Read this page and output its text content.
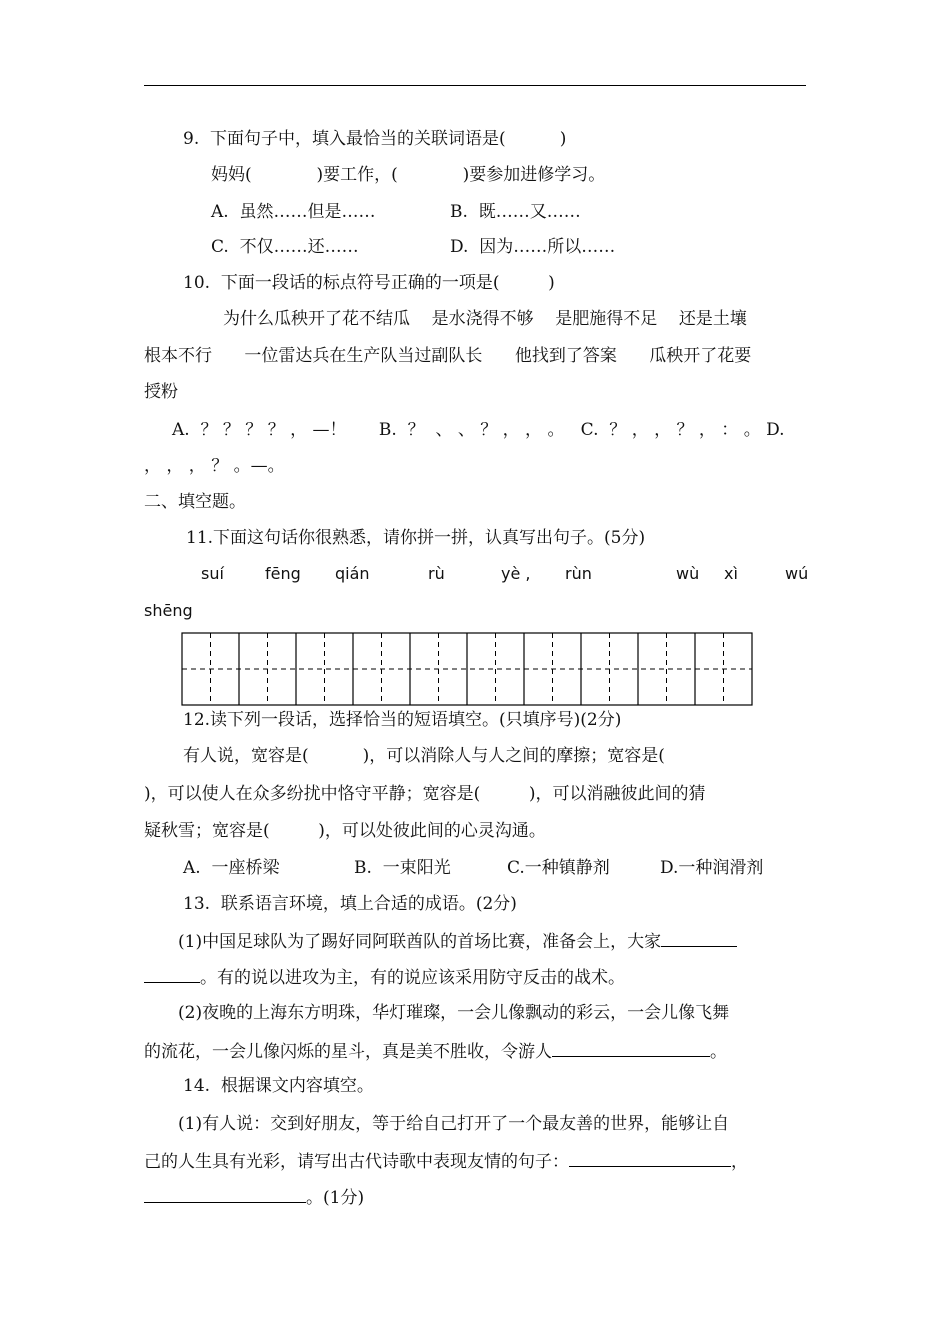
9.  下面句子中，填入最恰当的关联词语是(          )
妈妈(            )要工作，(            )要参加进修学习。
A.  虽然……但是……	B.  既……又……
C.  不仅……还……	D.  因为……所以……
10.  下面一段话的标点符号正确的一项是(         )
为什么瓜秧开了花不结瓜    是水浇得不够    是肥施得不足    还是土壤
根本不行      一位雷达兵在生产队当过副队长      他找到了答案      瓜秧开了花要
授粉
A.  ？ ？ ？ ？ ， —！      B.  ？  、 、 ？ ， ， 。   C.  ？ ， ， ？ ， ： 。 D.
， ， ， ？ 。—。
二、填空题。
11.下面这句话你很熟悉，请你拼一拼，认真写出句子。(5分)
suí	fēng qián	rù	yè , rùn	wù xì	wú
shēng
12.读下列一段话，选择恰当的短语填空。(只填序号)(2分)
有人说，宽容是(          )，可以消除人与人之间的摩擦；宽容是(
)，可以使人在众多纷扰中恪守平静；宽容是(         )，可以消融彼此间的猜
疑秋雪；宽容是(         )，可以处彼此间的心灵沟通。
A.  一座桥梁	B.  一束阳光	C.一种镇静剂	D.一种润滑剂
13.  联系语言环境，填上合适的成语。(2分)
(1)中国足球队为了踢好同阿联酋队的首场比赛，准备会上，大家
。有的说以进攻为主，有的说应该采用防守反击的战术。
(2)夜晚的上海东方明珠，华灯璀璨，一会儿像飘动的彩云，一会儿像飞舞
的流花，一会儿像闪烁的星斗，真是美不胜收，令游人	。
14.  根据课文内容填空。
(1)有人说：交到好朋友，等于给自己打开了一个最友善的世界，能够让自
己的人生具有光彩，请写出古代诗歌中表现友情的句子：	，
。(1分)
